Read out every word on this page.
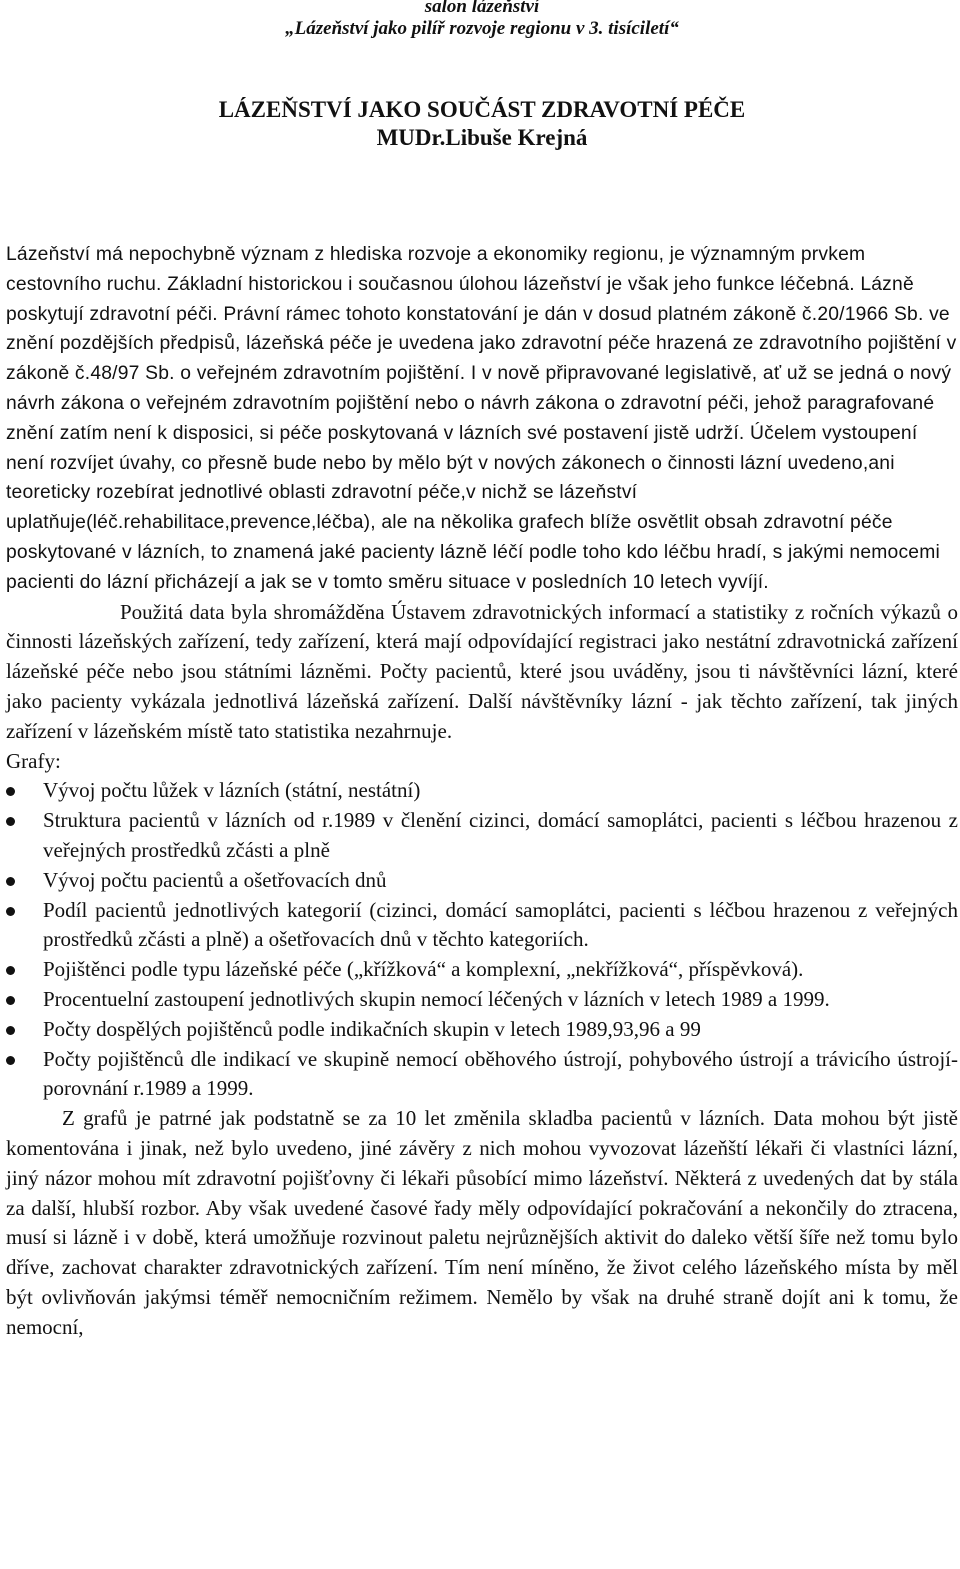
salon lázeňství
„Lázeňství jako pilíř rozvoje regionu v 3. tisíciletí“
LÁZEŇSTVÍ JAKO SOUČÁST ZDRAVOTNÍ PÉČE
MUDr.Libuše Krejná

Lázeňství má nepochybně význam z hlediska rozvoje a ekonomiky regionu, je významným prvkem cestovního ruchu. Základní historickou i současnou úlohou lázeňství je však jeho funkce léčebná. Lázně poskytují zdravotní péči. Právní rámec tohoto konstatování je dán v dosud platném zákoně č.20/1966 Sb. ve znění pozdějších předpisů, lázeňská péče je uvedena jako zdravotní péče hrazená ze zdravotního pojištění v zákoně č.48/97 Sb. o veřejném zdravotním pojištění. I v nově připravované legislativě, ať už se jedná o nový návrh zákona o veřejném zdravotním pojištění nebo o návrh zákona o zdravotní péči, jehož paragrafované znění zatím není k disposici, si péče poskytovaná v lázních své postavení jistě udrží. Účelem vystoupení není rozvíjet úvahy, co přesně bude nebo by mělo být v nových zákonech o činnosti lázní uvedeno,ani teoreticky rozebírat jednotlivé oblasti zdravotní péče,v nichž se lázeňství uplatňuje(léč.rehabilitace,prevence,léčba), ale na několika grafech blíže osvětlit obsah zdravotní péče poskytované v lázních, to znamená jaké pacienty lázně léčí podle toho kdo léčbu hradí, s jakými nemocemi pacienti do lázní přicházejí a jak se v tomto směru situace v posledních 10 letech vyvíjí.

Použitá data byla shromážděna Ústavem zdravotnických informací a statistiky z ročních výkazů o činnosti lázeňských zařízení, tedy zařízení, která mají odpovídající registraci jako nestátní zdravotnická zařízení lázeňské péče nebo jsou státními lázněmi. Počty pacientů, které jsou uváděny, jsou ti návštěvníci lázní, které jako pacienty vykázala jednotlivá lázeňská zařízení. Další návštěvníky lázní - jak těchto zařízení, tak jiných zařízení v lázeňském místě tato statistika nezahrnuje.

Grafy:

Vývoj počtu lůžek v lázních (státní, nestátní)
Struktura pacientů v lázních od r.1989 v členění cizinci, domácí samoplátci, pacienti s léčbou hrazenou z veřejných prostředků zčásti a plně
Vývoj počtu pacientů a ošetřovacích dnů
Podíl pacientů jednotlivých kategorií (cizinci, domácí samoplátci, pacienti s léčbou hrazenou z veřejných prostředků zčásti a plně) a ošetřovacích dnů v těchto kategoriích.
Pojištěnci podle typu lázeňské péče („křížková“ a komplexní, „nekřížková“, příspěvková).
Procentuelní zastoupení jednotlivých skupin nemocí léčených v lázních v letech 1989 a 1999.
Počty dospělých pojištěnců podle indikačních skupin v letech 1989,93,96 a 99
Počty pojištěnců dle indikací ve skupině nemocí oběhového ústrojí, pohybového ústrojí a trávicího ústrojí- porovnání r.1989 a 1999.

Z grafů je patrné jak podstatně se za 10 let změnila skladba pacientů v lázních. Data mohou být jistě komentována i jinak, než bylo uvedeno, jiné závěry z nich mohou vyvozovat lázeňští lékaři či vlastníci lázní, jiný názor mohou mít zdravotní pojišťovny či lékaři působící mimo lázeňství. Některá z uvedených dat by stála za další, hlubší rozbor. Aby však uvedené časové řady měly odpovídající pokračování a nekončily do ztracena, musí si lázně i v době, která umožňuje rozvinout paletu nejrůznějších aktivit do daleko větší šíře než tomu bylo dříve, zachovat charakter zdravotnických zařízení. Tím není míněno, že život celého lázeňského místa by měl být ovlivňován jakýmsi téměř nemocničním režimem. Nemělo by však na druhé straně dojít ani k tomu, že nemocní,
